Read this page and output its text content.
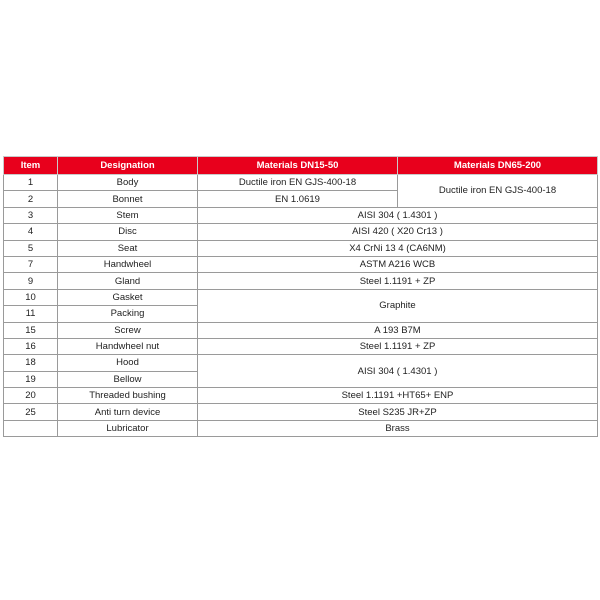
Item	Designation	Materials DN15-50	Materials DN65-200
1	Body	Ductile iron EN GJS-400-18	Ductile iron EN GJS-400-18
2	Bonnet	EN 1.0619	
3	Stem	AISI 304 ( 1.4301 )	
4	Disc	AISI 420 ( X20 Cr13 )	
5	Seat	X4 CrNi 13 4 (CA6NM)	
7	Handwheel	ASTM A216 WCB	
9	Gland	Steel 1.1191 + ZP	
10	Gasket	Graphite	
11	Packing		
15	Screw	A 193 B7M	
16	Handwheel nut	Steel 1.1191 + ZP	
18	Hood	AISI 304 ( 1.4301 )	
19	Bellow		
20	Threaded bushing	Steel 1.1191 +HT65+ ENP	
25	Anti turn device	Steel S235 JR+ZP	
	Lubricator	Brass	
